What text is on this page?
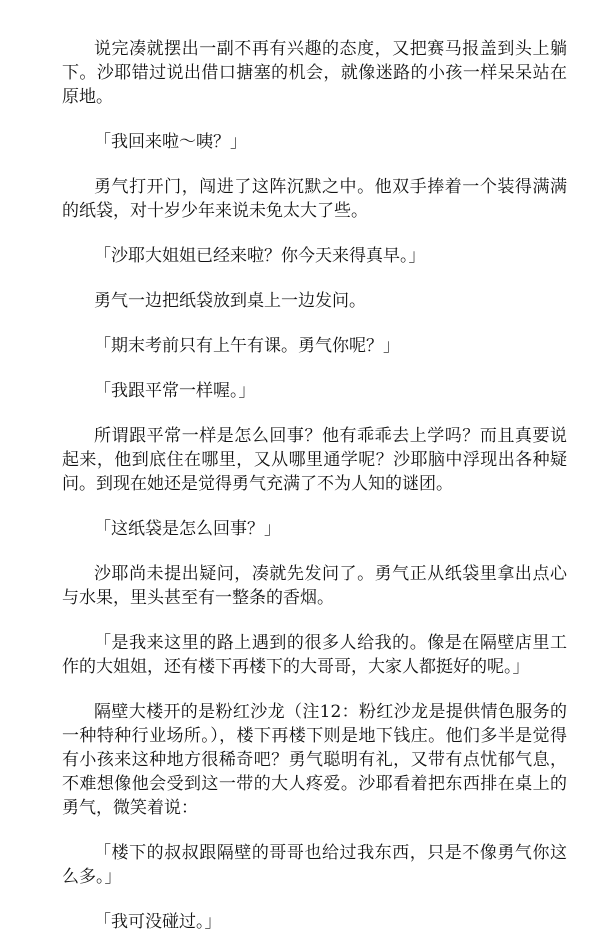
说完凑就摆出一副不再有兴趣的态度，又把赛马报盖到头上躺下。沙耶错过说出借口搪塞的机会，就像迷路的小孩一样呆呆站在原地。

「我回来啦～咦？」

勇气打开门，闯进了这阵沉默之中。他双手捧着一个装得满满的纸袋，对十岁少年来说未免太大了些。

「沙耶大姐姐已经来啦？你今天来得真早。」

勇气一边把纸袋放到桌上一边发问。

「期末考前只有上午有课。勇气你呢？」

「我跟平常一样喔。」

所谓跟平常一样是怎么回事？他有乖乖去上学吗？而且真要说起来，他到底住在哪里，又从哪里通学呢？沙耶脑中浮现出各种疑问。到现在她还是觉得勇气充满了不为人知的谜团。

「这纸袋是怎么回事？」

沙耶尚未提出疑问，凑就先发问了。勇气正从纸袋里拿出点心与水果，里头甚至有一整条的香烟。

「是我来这里的路上遇到的很多人给我的。像是在隔壁店里工作的大姐姐，还有楼下再楼下的大哥哥，大家人都挺好的呢。」

隔壁大楼开的是粉红沙龙（注12：粉红沙龙是提供情色服务的一种特种行业场所。），楼下再楼下则是地下钱庄。他们多半是觉得有小孩来这种地方很稀奇吧？勇气聪明有礼，又带有点忧郁气息，不难想像他会受到这一带的大人疼爱。沙耶看着把东西排在桌上的勇气，微笑着说：

「楼下的叔叔跟隔壁的哥哥也给过我东西，只是不像勇气你这么多。」

「我可没碰过。」
